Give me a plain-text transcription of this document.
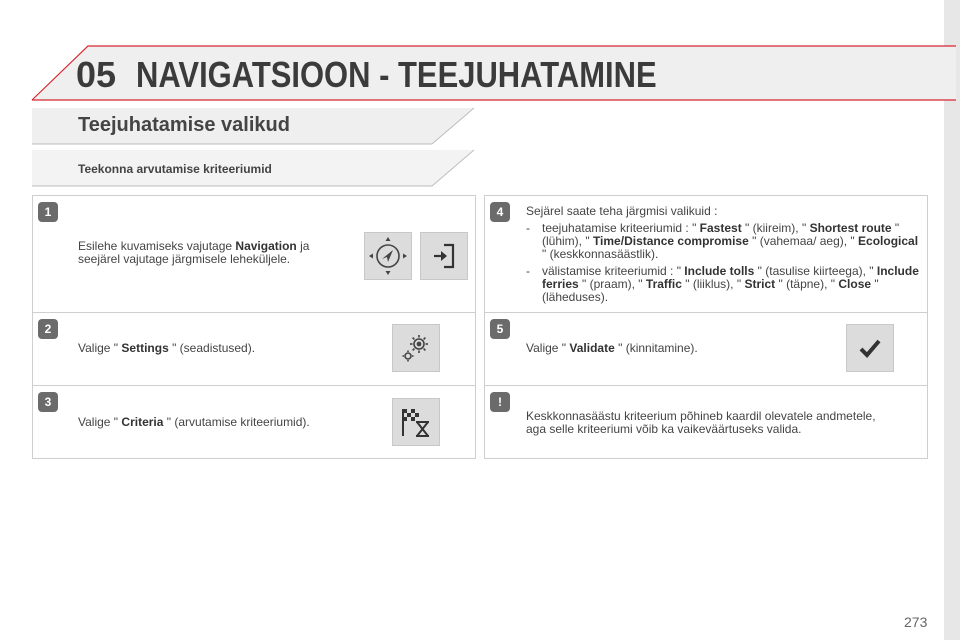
05 NAVIGATSIOON - TEEJUHATAMINE
Teejuhatamise valikud
Teekonna arvutamise kriteeriumid
1
Esilehe kuvamiseks vajutage Navigation ja
seejärel vajutage järgmisele leheküljele.
2
Valige " Settings " (seadistused).
3
Valige " Criteria " (arvutamise kriteeriumid).
4	Sejärel saate teha järgmisi valikuid :
-	teejuhatamise kriteeriumid : " Fastest " (kiireim), " Shortest route " (lühim), " Time/Distance compromise " (vahemaa/ aeg), " Ecological " (keskkonnasäästlik).
-	välistamise kriteeriumid : " Include tolls " (tasulise kiirteega), " Include ferries " (praam), " Traffic " (liiklus), " Strict " (täpne), " Close " (läheduses).
5
Valige " Validate " (kinnitamine).
!
Keskkonnasäästu kriteerium põhineb kaardil olevatele andmetele,
aga selle kriteeriumi võib ka vaikeväärtuseks valida.
273
